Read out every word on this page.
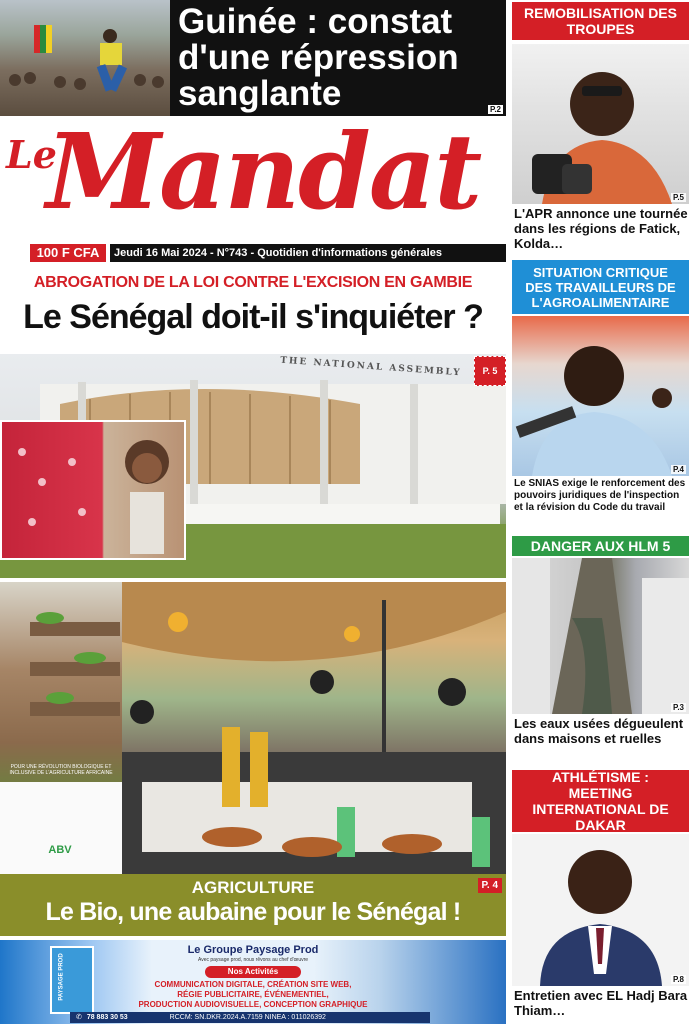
Guinée : constat d'une répression sanglante	P.2
Le
Mandat
100 F CFA	Jeudi 16 Mai 2024 - N°743 - Quotidien d'informations générales
ABROGATION DE LA LOI CONTRE L'EXCISION EN GAMBIE
Le Sénégal doit-il s'inquiéter ?
THE NATIONAL ASSEMBLY	P. 5
POUR UNE RÉVOLUTION BIOLOGIQUE ET INCLUSIVE DE L'AGRICULTURE AFRICAINE
ABV
AGRICULTURE
Le Bio, une aubaine pour le Sénégal !
P. 4
PAYSAGE PROD
Le Groupe Paysage Prod
Avec paysage prod, nous rêvons au chef d'œuvre
Nos Activités
COMMUNICATION DIGITALE, CRÉATION SITE WEB,
RÉGIE PUBLICITAIRE, ÉVÉNEMENTIEL,
PRODUCTION AUDIOVISUELLE, CONCEPTION GRAPHIQUE
✆ 78 883 30 53	RCCM: SN.DKR.2024.A.7159 NINEA : 011026392
REMOBILISATION DES TROUPES
P.5
L'APR annonce une tournée dans les régions de Fatick, Kolda…
SITUATION CRITIQUE DES TRAVAILLEURS DE L'AGROALIMENTAIRE
P.4
Le SNIAS exige le renforcement des pouvoirs juridiques de l'inspection et la révision du Code du travail
DANGER AUX HLM 5
P.3
Les eaux usées dégueulent dans maisons et ruelles
ATHLÉTISME : MEETING INTERNATIONAL DE DAKAR
P.8
Entretien avec EL Hadj Bara Thiam…
